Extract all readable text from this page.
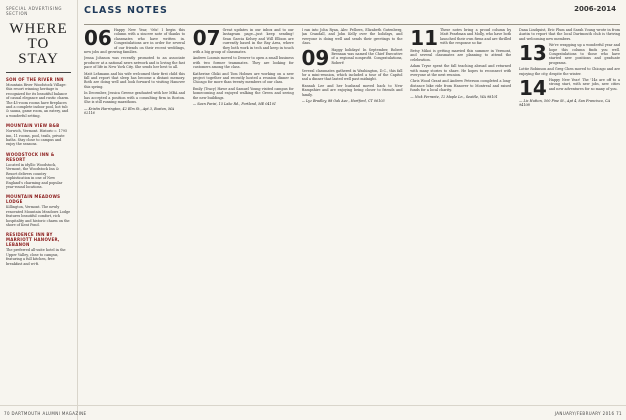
SPECIAL ADVERTISING SECTION
WHERE TO STAY
SON OF THE RIVER INN
Mountain River Woodstock Village: this resort winning heritage is recognized for its beautiful balance of casual elegance and rustic charm. The 45-room rooms have fireplaces and a complete indoor pool, hot tub & sauna, game room, an eatery, and a wonderful setting.
MOUNTAIN VIEW B&B
Norwich, Vermont. Historic c. 1795 inn, 11 rooms, pool, trails, private baths. Stay close to campus and enjoy the seasons.
WOODSTOCK INN & RESORT
Located in idyllic Woodstock, Vermont, the Woodstock Inn & Resort delivers country sophistication in one of New England's charming and popular year-round locations.
MOUNTAIN MEADOWS LODGE
Killington, Vermont. The newly renovated Mountain Meadows Lodge features beautiful comfort, rich hospitality and historic charm on the shore of Kent Pond.
RESIDENCE INN BY MARRIOTT HANOVER, LEBANON
The preferred all-suite hotel in the Upper Valley, close to campus, featuring a full kitchen, free breakfast and wi-fi.
CLASS NOTES	2006-2014
06 Happy New Year, '06s! I begin this column with a sincere note of thanks to classmates who have written in. Congratulations are in order for several of our friends on their recent weddings, new jobs and growing families.

Jenna Johnson was recently promoted to an associate producer at a national news network and is loving the fast pace of life in New York City. She sends her best to all.

Matt Lehmann and his wife welcomed their first child this fall and report that sleep has become a distant memory. Both are doing well and look forward to visiting Hanover this spring.

In December, Jessica Greene graduated with her MBA and has accepted a position with a consulting firm in Boston. She is still running marathons.

— Kristin Harrington, 42 Elm St., Apt 3, Boston, MA 02116

07 Great updates in our inbox and to our Instagram page—just keep sending! Sean Garcia Kelsey and Will Ellison are currently based in the Bay Area, where they both work in tech and keep in touch with a big group of classmates.

Andrew Loomis moved to Denver to open a small business with two former teammates. They are looking for customers among the class.

Katherine Ghiki and Tom Holmes are working on a new project together and recently hosted a reunion dinner in Chicago for more than twenty members of our class.

Emily (Tracy) Hawe and Samuel Young visited campus for homecoming and enjoyed walking the Green and seeing the new buildings.

— Sean Parisi, 15 Lake Rd., Portland, ME 04101

I ran into John Ryan, Alec Fellows, Elizabeth Gutenberg, Jan Crandall, and John Kelly over the holidays, and everyone is doing well and sends their greetings to the class.

09 Happy holidays! In September, Robert Brennan was named the Chief Executive of a regional nonprofit. Congratulations, Robert!

Several classmates gathered in Washington, D.C., this fall for a mini-reunion, which included a tour of the Capitol and a dinner that lasted well past midnight.

Hannah Lee and her husband moved back to New Hampshire and are enjoying being closer to friends and family.

— Lyz Bradley, 88 Oak Ave., Hartford, CT 06103

11 These notes bring a proud column by Matt Pearlman and Molly, who have both launched their own firms and are thrilled with the response so far.

Betsy Mikoi is getting married this summer in Vermont, and several classmates are planning to attend the celebration.

Adam Tryse spent the fall teaching abroad and returned with many stories to share. He hopes to reconnect with everyone at the next reunion.

Chris Wood Grant and Andrew Peterson completed a long-distance bike ride from Hanover to Montreal and raised funds for a local charity.

— Nick Ferrante, 12 Maple Ln., Seattle, WA 98101

Dana Lindquist, Eric Plum and Sarah Young wrote in from Austin to report that the local Dartmouth club is thriving and welcoming new members.

13 We're wrapping up a wonderful year and hope this column finds you well. Congratulations to those who have started new positions and graduate programs.

Lottie Robinson and Greg Chen moved to Chicago and are enjoying the city, despite the winter.

14 Happy New Year! The '14s are off to a strong start, with new jobs, new cities and new adventures for so many of you.

— Liz Hutton, 500 Pine St., Apt 4, San Francisco, CA 94108

70 DARTMOUTH ALUMNI MAGAZINE	JANUARY/FEBRUARY 2016 71
